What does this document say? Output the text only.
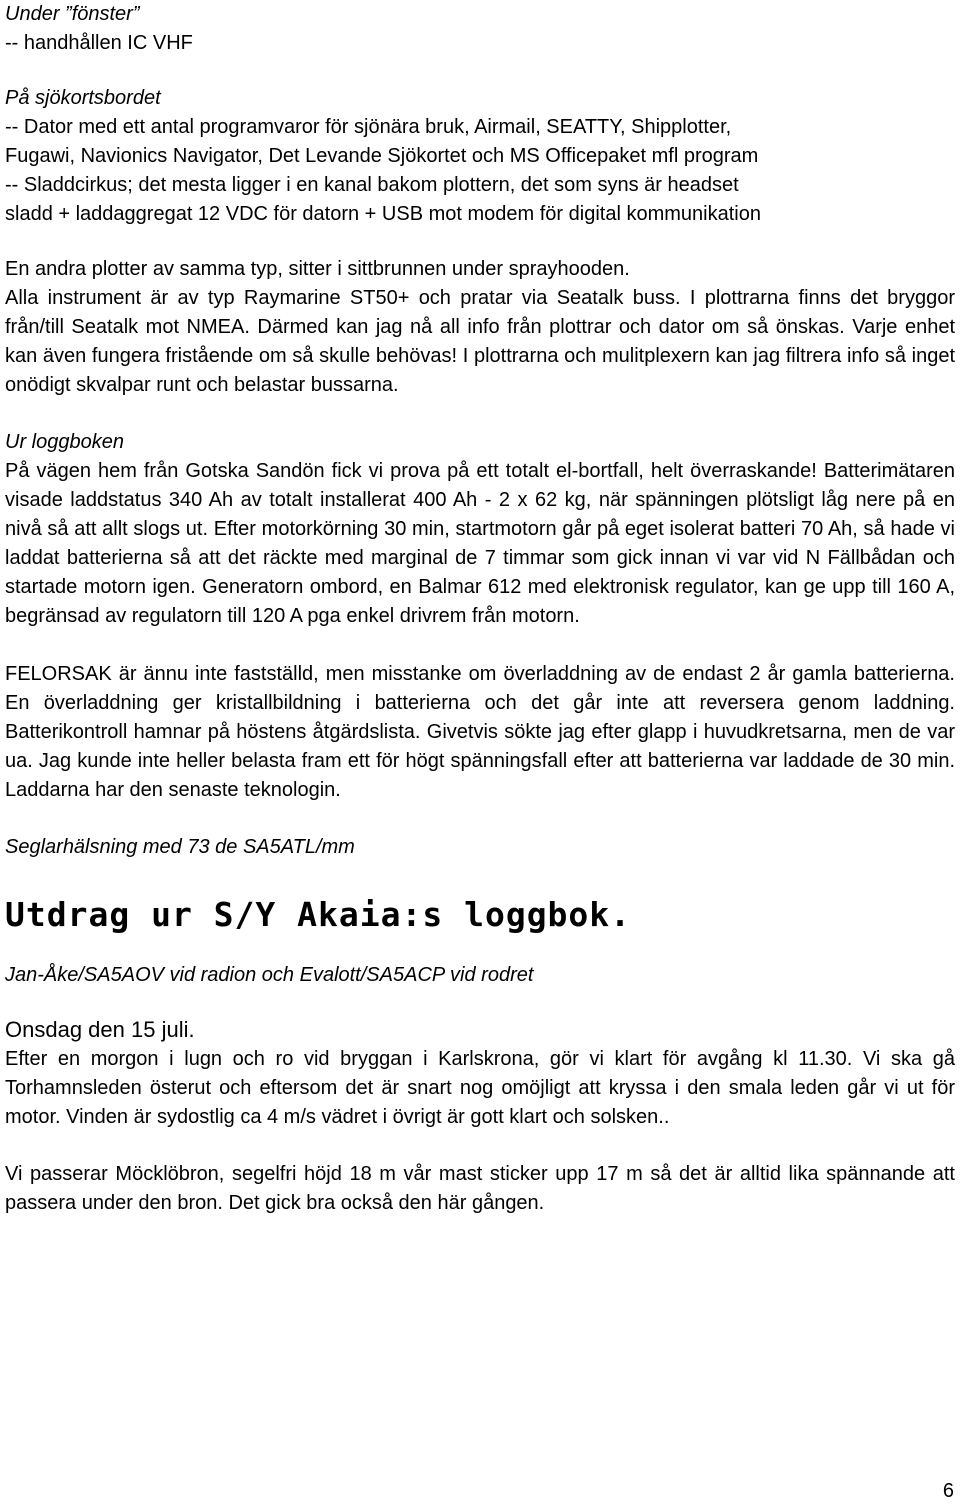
Under ”fönster”
-- handhållen IC VHF
På sjökortsbordet
-- Dator med ett antal programvaror för sjönära bruk, Airmail, SEATTY, Shipplotter,
Fugawi, Navionics Navigator, Det Levande Sjökortet och MS Officepaket mfl program
-- Sladdcirkus; det mesta ligger i en kanal bakom plottern, det som syns är headset
sladd + laddaggregat 12 VDC för datorn + USB mot modem för digital kommunikation
En andra plotter av samma typ, sitter i sittbrunnen under sprayhooden.

Alla instrument är av typ Raymarine ST50+ och pratar via Seatalk buss. I plottrarna finns det bryggor från/till Seatalk mot NMEA. Därmed kan jag nå all info från plottrar och dator om så önskas. Varje enhet kan även fungera fristående om så skulle behövas! I plottrarna och mulitplexern kan jag filtrera info så inget onödigt skvalpar runt och belastar bussarna.

Ur loggboken

På vägen hem från Gotska Sandön fick vi prova på ett totalt el-bortfall, helt överraskande! Batterimätaren visade laddstatus 340 Ah av totalt installerat 400 Ah - 2 x 62 kg, när spänningen plötsligt låg nere på en nivå så att allt slogs ut. Efter motorkörning 30 min, startmotorn går på eget isolerat batteri 70 Ah, så hade vi laddat batterierna så att det räckte med marginal de 7 timmar som gick innan vi var vid N Fällbådan och startade motorn igen. Generatorn ombord, en Balmar 612 med elektronisk regulator, kan ge upp till 160 A, begränsad av regulatorn till 120 A pga enkel drivrem från motorn.

FELORSAK är ännu inte fastställd, men misstanke om överladdning av de endast 2 år gamla batterierna. En överladdning ger kristallbildning i batterierna och det går inte att reversera genom laddning. Batterikontroll hamnar på höstens åtgärdslista. Givetvis sökte jag efter glapp i huvudkretsarna, men de var ua. Jag kunde inte heller belasta fram ett för högt spänningsfall efter att batterierna var laddade de 30 min. Laddarna har den senaste teknologin.

Seglarhälsning med 73 de SA5ATL/mm
Utdrag ur S/Y Akaia:s loggbok.
Jan-Åke/SA5AOV vid radion och Evalott/SA5ACP vid rodret
Onsdag den 15 juli.

Efter en morgon i lugn och ro vid bryggan i Karlskrona, gör vi klart för avgång kl 11.30. Vi ska gå Torhamnsleden österut och eftersom det är snart nog omöjligt att kryssa i den smala leden går vi ut för motor. Vinden är sydostlig ca 4 m/s vädret i övrigt är gott klart och solsken..

Vi passerar Möcklöbron, segelfri höjd 18 m vår mast sticker upp 17 m så det är alltid lika spännande att passera under den bron. Det gick bra också den här gången.

6
